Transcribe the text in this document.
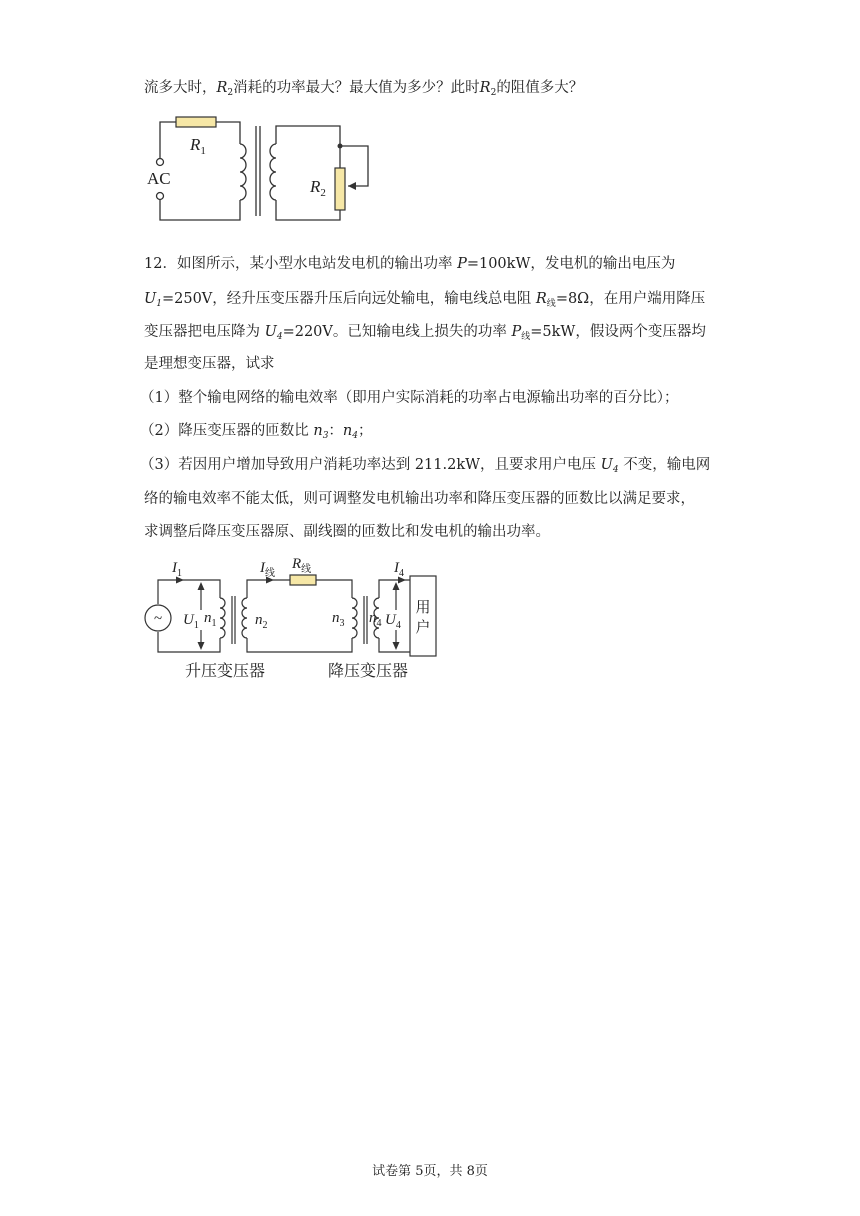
流多大时，$R_2$消耗的功率最大？最大值为多少？此时$R_2$的阻值多大？
$R_1$
AC	$R_2$
12．如图所示，某小型水电站发电机的输出功率 P=100kW，发电机的输出电压为
$U_1=250V$，经升压变压器升压后向远处输电，输电线总电阻 $R_线=8\Omega$，在用户端用降压
变压器把电压降为 $U_4=220V$。已知输电线上损失的功率 $P_线=5kW$，假设两个变压器均
是理想变压器，试求
（1）整个输电网络的输电效率（即用户实际消耗的功率占电源输出功率的百分比）；
（2）降压变压器的匝数比 $n_3$：$n_4$；
（3）若因用户增加导致用户消耗功率达到 211.2kW，且要求用户电压 $U_4$ 不变，输电网
络的输电效率不能太低，则可调整发电机输出功率和降压变压器的匝数比以满足要求，
求调整后降压变压器原、副线圈的匝数比和发电机的输出功率。
~
$I_1$	$I_线$
$R_线$	$I_4$
$U_1$ $n_1$	$n_2$	$n_3$ $n_4$ $U_4$
用
户
升压变压器	降压变压器
试卷第 5页，共 8页
